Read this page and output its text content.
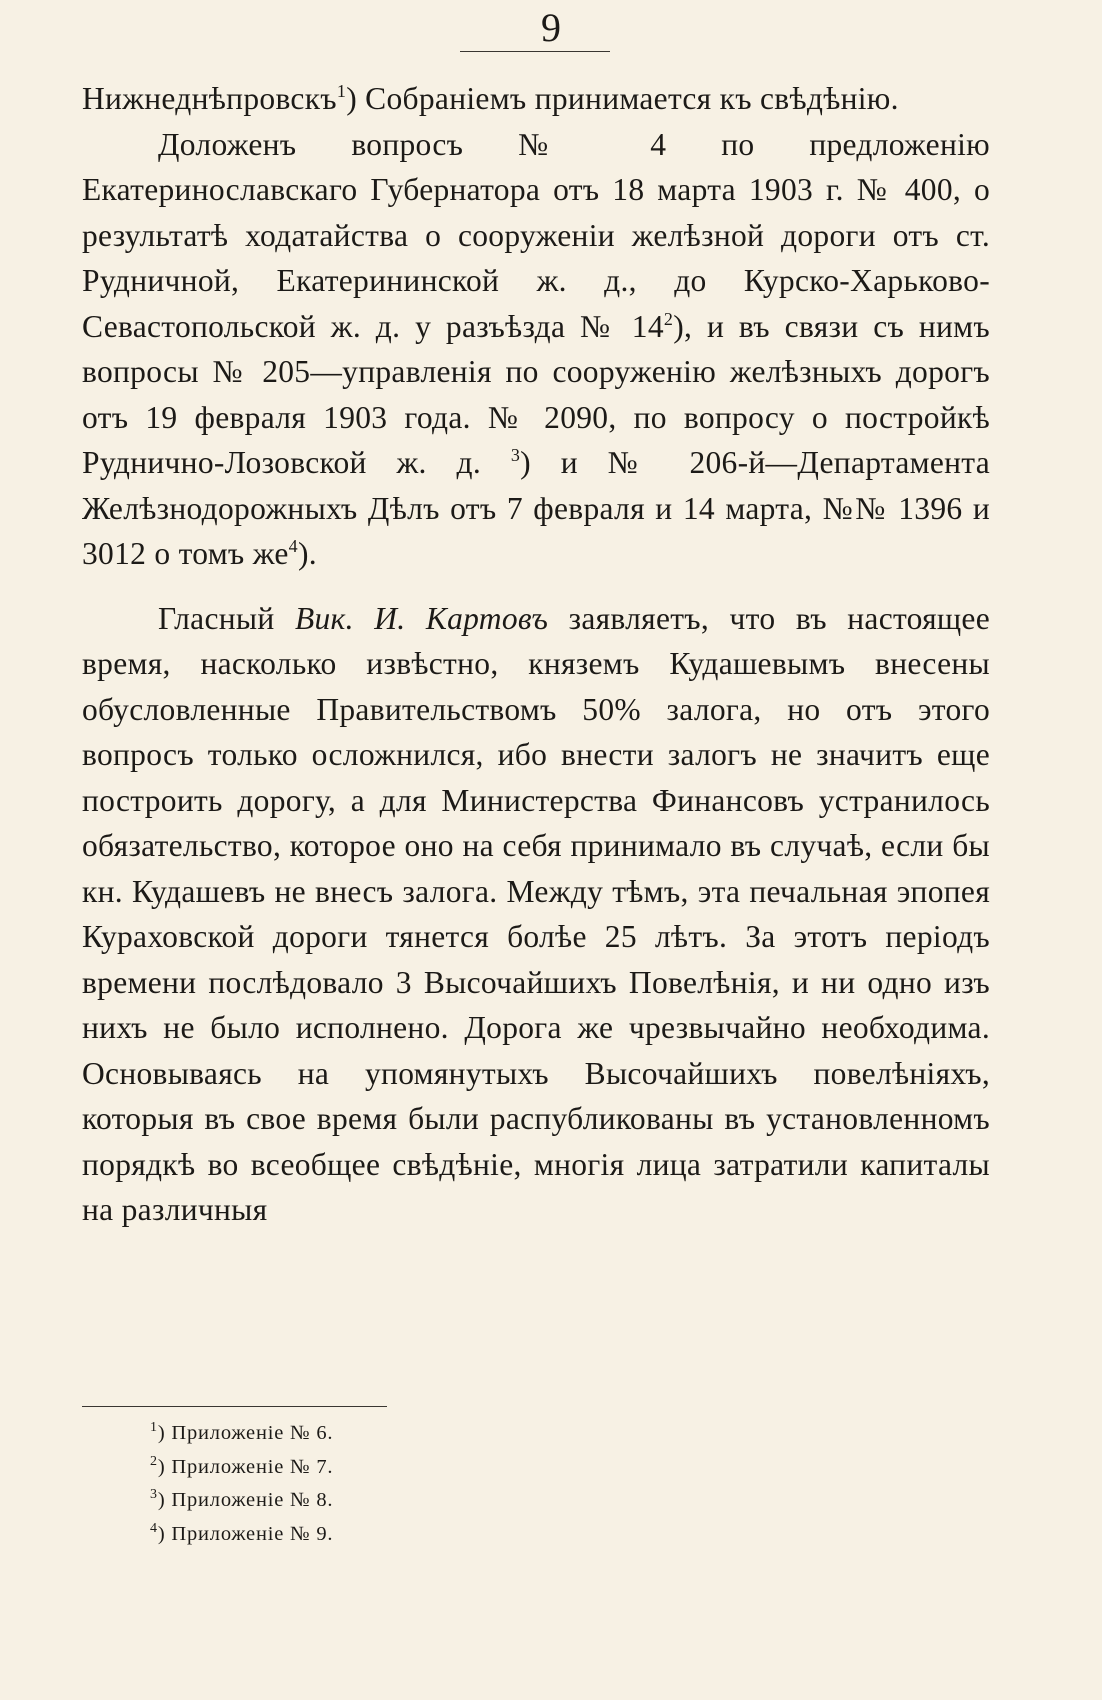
9

Нижнеднѣпровскъ$^1$) Собраніемъ принимается къ свѣдѣнію.

Доложенъ вопросъ № 4 по предложенію Екатеринославскаго Губернатора отъ 18 марта 1903 г. № 400, о результатѣ ходатайства о сооруженіи желѣзной дороги отъ ст. Рудничной, Екатерининской ж. д., до Курско-Харьково-Севастопольской ж. д. у разъѣзда № $14^2$), и въ связи съ нимъ вопросы № 205—управленія по сооруженію желѣзныхъ дорогъ отъ 19 февраля 1903 года. № 2090, по вопросу о постройкѣ Руднично-Лозовской ж. д. $^3$) и № 206-й—Департамента Желѣзнодорожныхъ Дѣлъ отъ 7 февраля и 14 марта, №№ 1396 и 3012 о томъ $же^4$).

Гласный Вик. И. Картовъ заявляетъ, что въ настоящее время, насколько извѣстно, княземъ Кудашевымъ внесены обусловленные Правительствомъ 50% залога, но отъ этого вопросъ только осложнился, ибо внести залогъ не значитъ еще построить дорогу, а для Министерства Финансовъ устранилось обязательство, которое оно на себя принимало въ случаѣ, если бы кн. Кудашевъ не внесъ залога. Между тѣмъ, эта печальная эпопея Кураховской дороги тянется болѣе 25 лѣтъ. За этотъ періодъ времени послѣдовало 3 Высочайшихъ Повелѣнія, и ни одно изъ нихъ не было исполнено. Дорога же чрезвычайно необходима. Основываясь на упомянутыхъ Высочайшихъ повелѣніяхъ, которыя въ свое время были распубликованы въ установленномъ порядкѣ во всеобщее свѣдѣніе, многія лица затратили капиталы на различныя

$^1$) Приложеніе № 6.
$^2$) Приложеніе № 7.
$^3$) Приложеніе № 8.
$^4$) Приложеніе № 9.
